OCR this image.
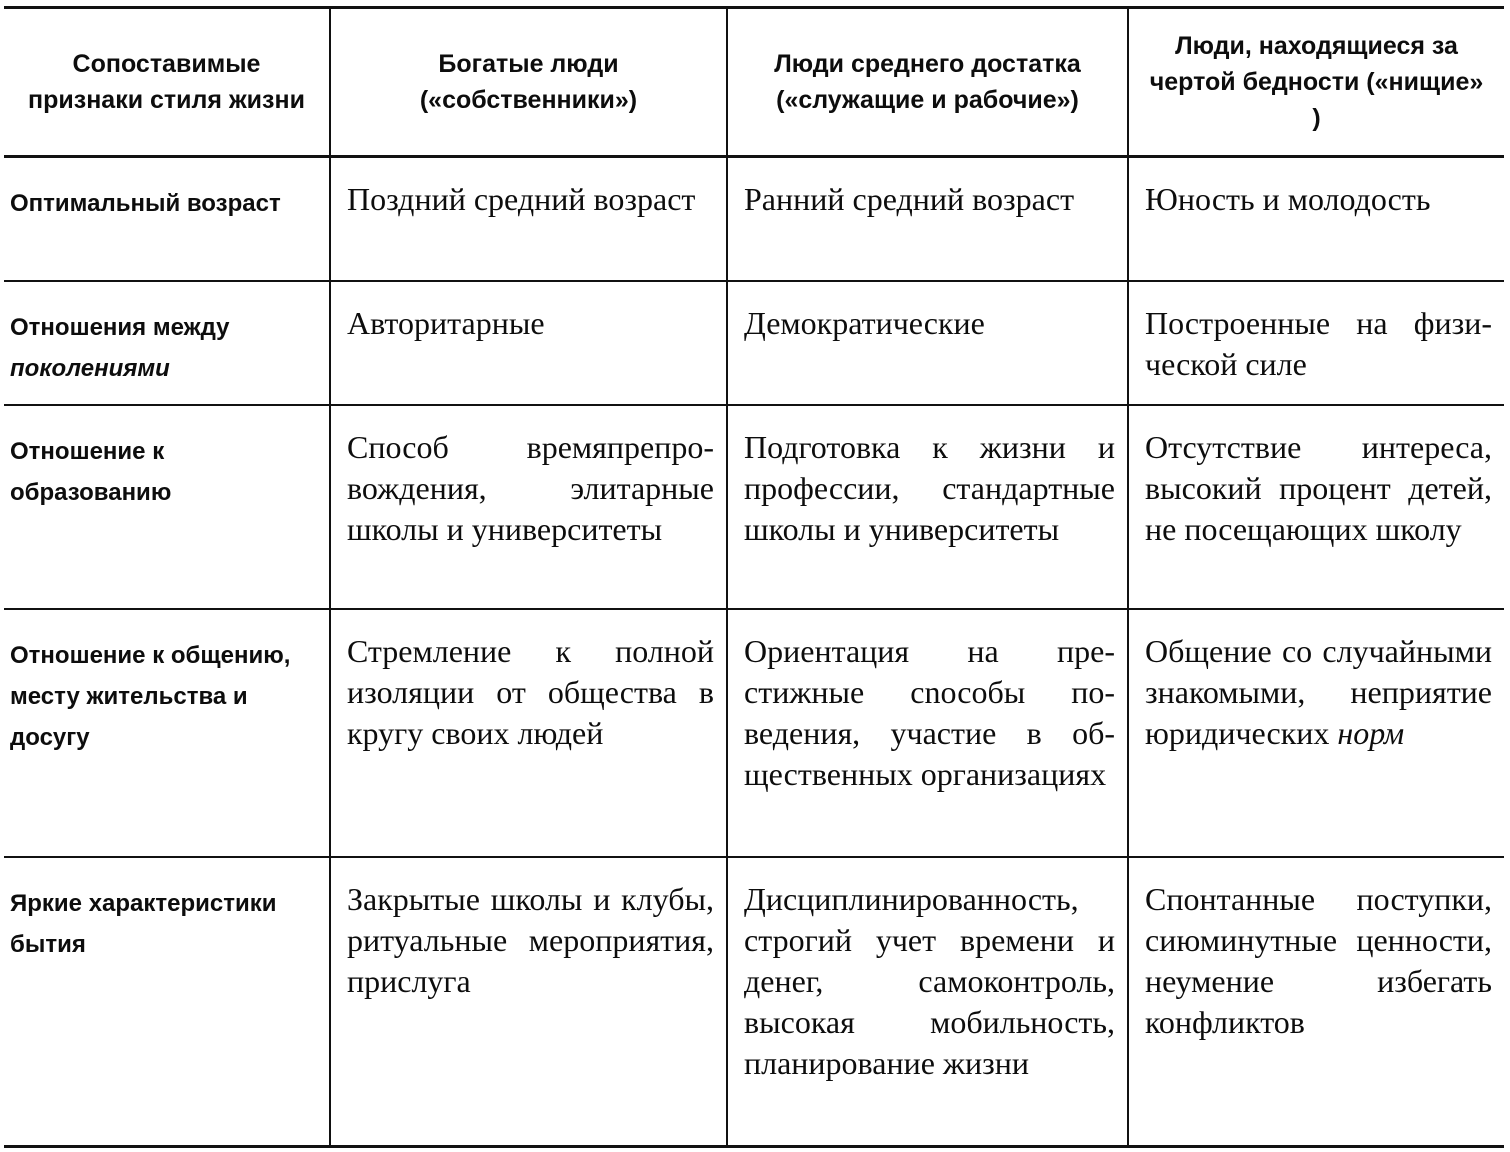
Сопоставимые признаки стиля жизни	Богатые люди («собственники»)	Люди среднего достатка («служащие и рабочие»)	Люди, находящиеся за чертой бедности («нищие» )
Оптимальный возраст	Поздний средний возраст	Ранний средний возраст	Юность и молодость
Отношения между поколениями	Авторитарные	Демократические	Построенные на физической силе
Отношение к образованию	Способ времяпрепровождения, элитарные школы и университеты	Подготовка к жизни и профессии, стандартные школы и университеты	Отсутствие интереса, высокий процент детей, не посещающих школу
Отношение к общению, месту жительства и досугу	Стремление к полной изоляции от общества в кругу своих людей	Ориентация на престижные сnособы поведения, участие в общественных организациях	Общение со случайными знакомыми, неприятие юридических норм
Яркие характеристики бытия	Закрытые школы и клубы, ритуальные мероприятия, прислуга	Дисциплинированность, строгий учет времени и денег, самоконтроль, высокая мобильность, планирование жизни	Спонтанные поступки, сиюминутные ценности, неумение избегать конфликтов
